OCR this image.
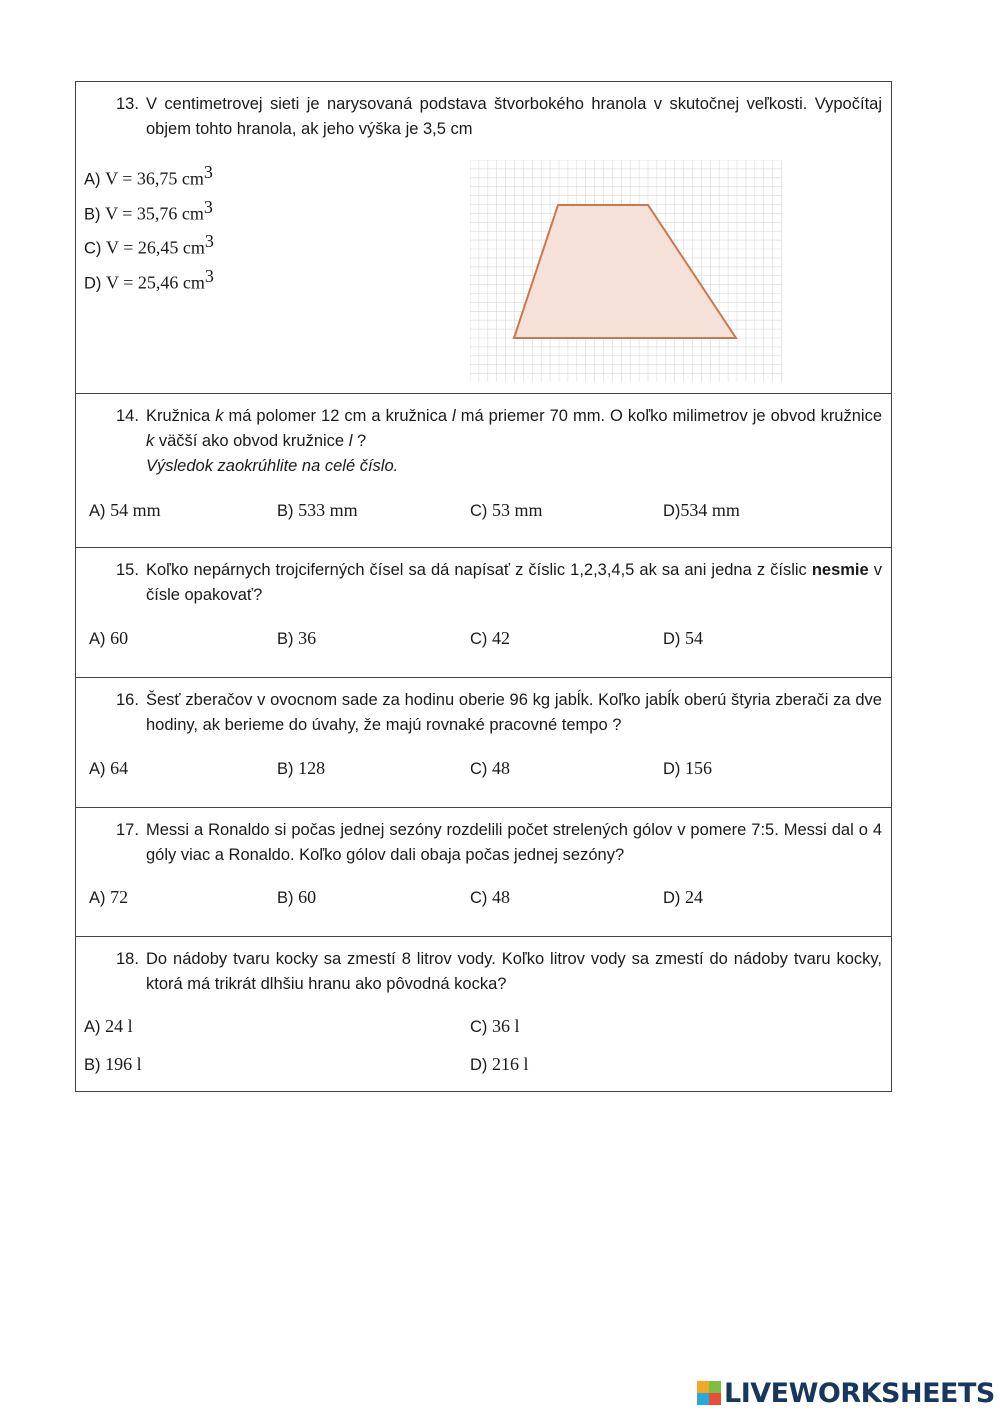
13. V centimetrovej sieti je narysovaná podstava štvorbokého hranola v skutočnej veľkosti. Vypočítaj objem tohto hranola, ak jeho výška je 3,5 cm
A) V = 36,75 $cm^3$
B) V = 35,76 $cm^3$
C) V = 26,45 $cm^3$
D) V = 25,46 $cm^3$
14. Kružnica k má polomer 12 cm a kružnica l má priemer 70 mm. O koľko milimetrov je obvod kružnice k väčší ako obvod kružnice l ?
Výsledok zaokrúhlite na celé číslo.
A) 54 mm	B) 533 mm	C) 53 mm	D)534 mm
15. Koľko nepárnych trojciferných čísel sa dá napísať z číslic 1,2,3,4,5 ak sa ani jedna z číslic nesmie v čísle opakovať?
A) 60	B) 36	C) 42	D) 54
16. Šesť zberačov v ovocnom sade za hodinu oberie 96 kg jabĺk. Koľko jabĺk oberú štyria zberači za dve hodiny, ak berieme do úvahy, že majú rovnaké pracovné tempo ?
A) 64	B) 128	C) 48	D) 156
17. Messi a Ronaldo si počas jednej sezóny rozdelili počet strelených gólov v pomere 7:5. Messi dal o 4 góly viac a Ronaldo. Koľko gólov dali obaja počas jednej sezóny?
A) 72	B) 60	C) 48	D) 24
18. Do nádoby tvaru kocky sa zmestí 8 litrov vody. Koľko litrov vody sa zmestí do nádoby tvaru kocky, ktorá má trikrát dlhšiu hranu ako pôvodná kocka?
A) 24 l	C) 36 l
B) 196 l	D) 216 l
LIVEWORKSHEETS
